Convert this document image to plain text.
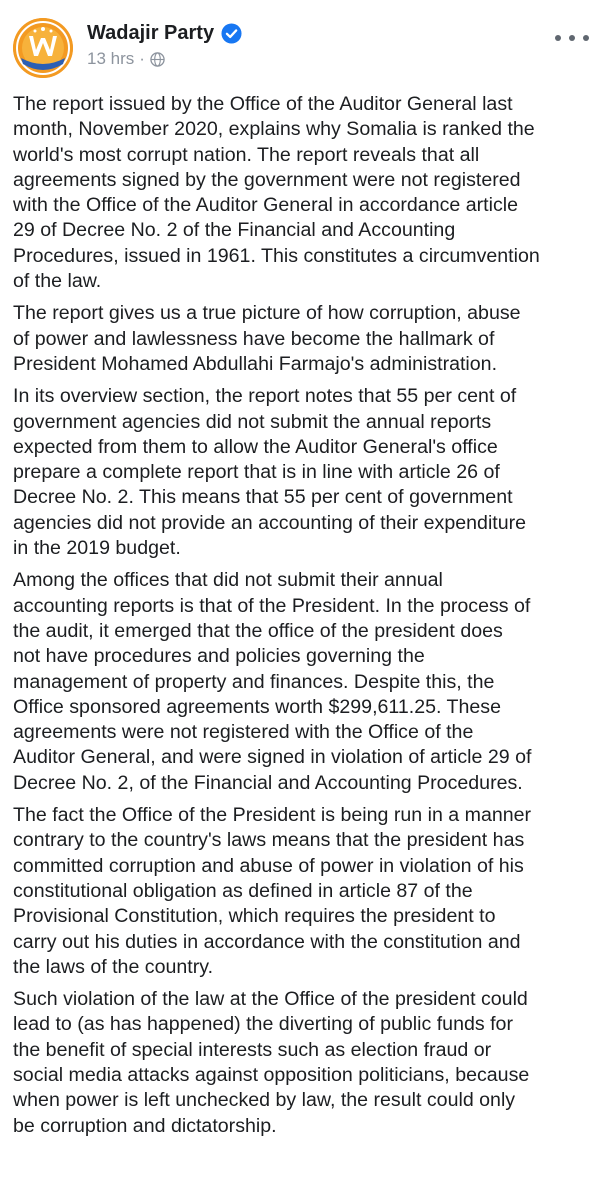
Wadajir Party
13 hrs ·

The report issued by the Office of the Auditor General last
month, November 2020, explains why Somalia is ranked the
world's most corrupt nation. The report reveals that all
agreements signed by the government were not registered
with the Office of the Auditor General in accordance article
29 of Decree No. 2 of the Financial and Accounting
Procedures, issued in 1961. This constitutes a circumvention
of the law.

The report gives us a true picture of how corruption, abuse
of power and lawlessness have become the hallmark of
President Mohamed Abdullahi Farmajo's administration.

In its overview section, the report notes that 55 per cent of
government agencies did not submit the annual reports
expected from them to allow the Auditor General's office
prepare a complete report that is in line with article 26 of
Decree No. 2. This means that 55 per cent of government
agencies did not provide an accounting of their expenditure
in the 2019 budget.

Among the offices that did not submit their annual
accounting reports is that of the President. In the process of
the audit, it emerged that the office of the president does
not have procedures and policies governing the
management of property and finances. Despite this, the
Office sponsored agreements worth $299,611.25. These
agreements were not registered with the Office of the
Auditor General, and were signed in violation of article 29 of
Decree No. 2, of the Financial and Accounting Procedures.

The fact the Office of the President is being run in a manner
contrary to the country's laws means that the president has
committed corruption and abuse of power in violation of his
constitutional obligation as defined in article 87 of the
Provisional Constitution, which requires the president to
carry out his duties in accordance with the constitution and
the laws of the country.

Such violation of the law at the Office of the president could
lead to (as has happened) the diverting of public funds for
the benefit of special interests such as election fraud or
social media attacks against opposition politicians, because
when power is left unchecked by law, the result could only
be corruption and dictatorship.
